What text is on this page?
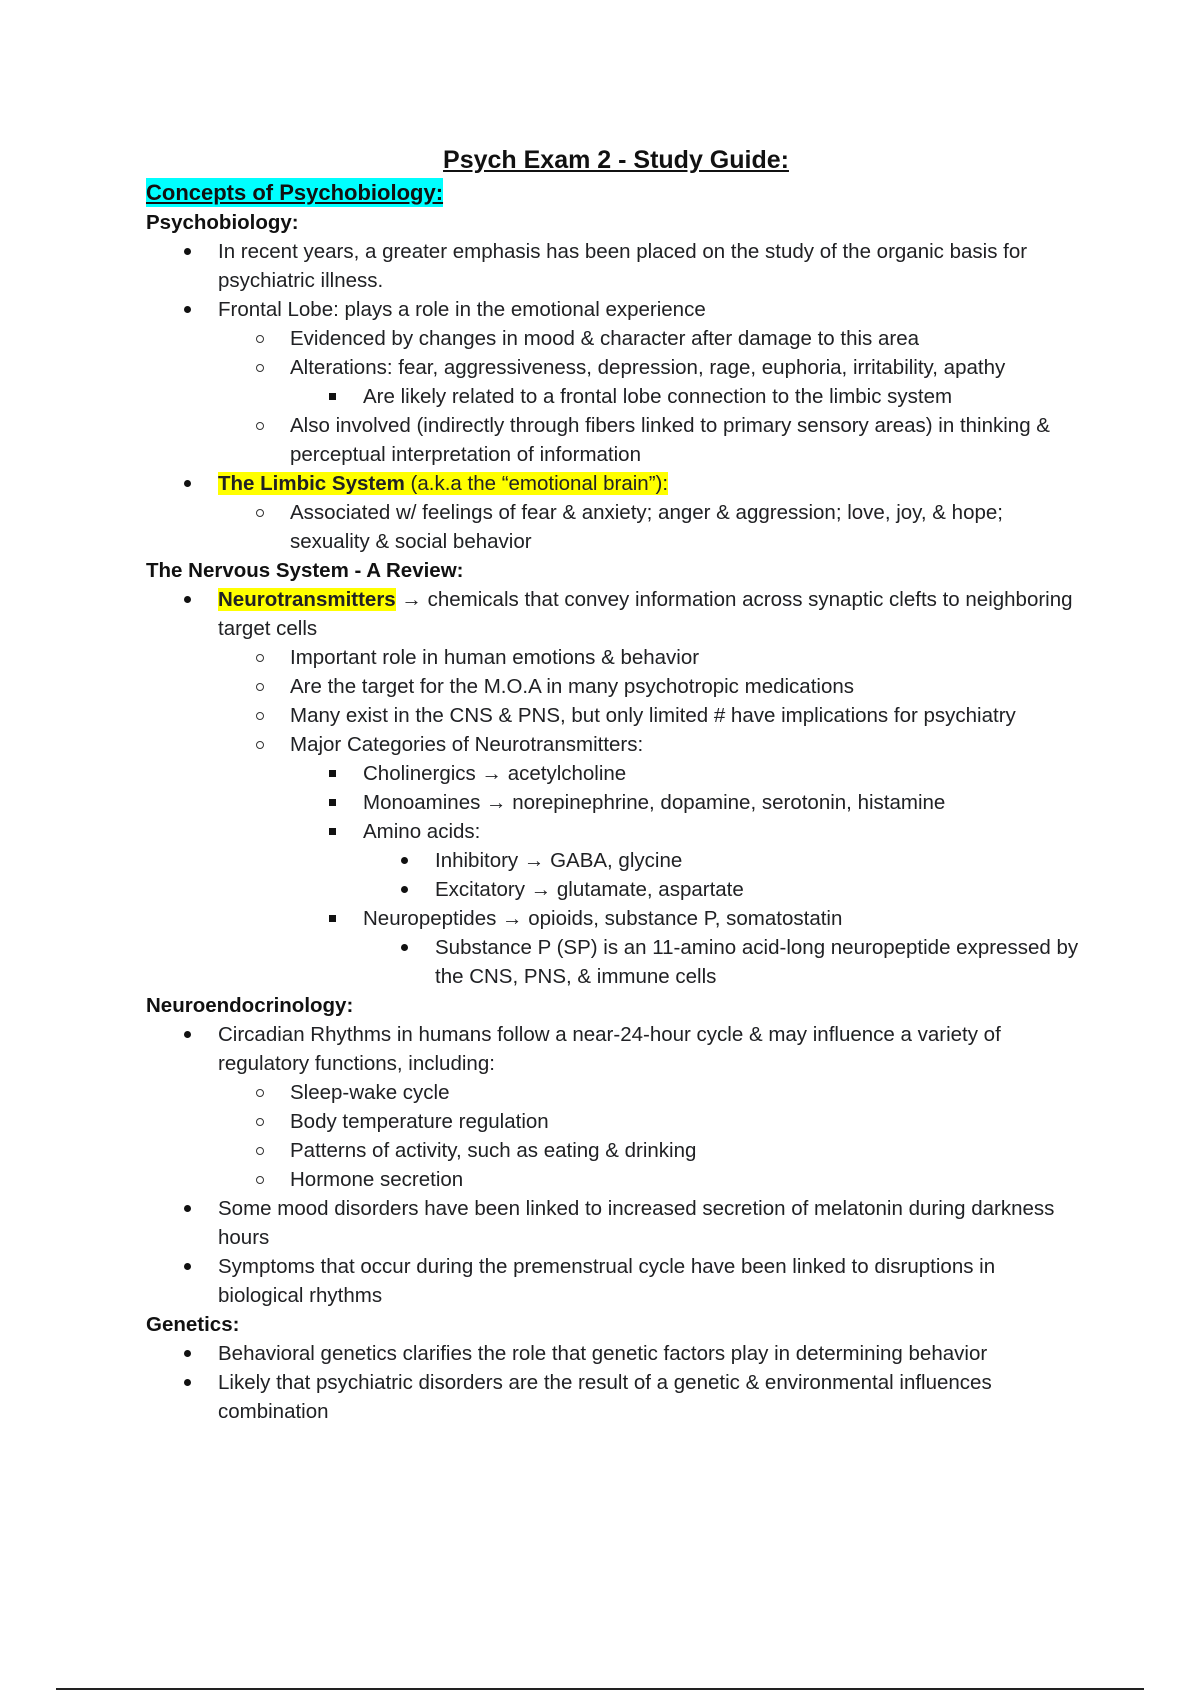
Psych Exam 2 - Study Guide:
Concepts of Psychobiology:
Psychobiology:
In recent years, a greater emphasis has been placed on the study of the organic basis for psychiatric illness.
Frontal Lobe: plays a role in the emotional experience
Evidenced by changes in mood & character after damage to this area
Alterations: fear, aggressiveness, depression, rage, euphoria, irritability, apathy
Are likely related to a frontal lobe connection to the limbic system
Also involved (indirectly through fibers linked to primary sensory areas) in thinking & perceptual interpretation of information
The Limbic System (a.k.a the “emotional brain”):
Associated w/ feelings of fear & anxiety; anger & aggression; love, joy, & hope; sexuality & social behavior
The Nervous System - A Review:
Neurotransmitters → chemicals that convey information across synaptic clefts to neighboring target cells
Important role in human emotions & behavior
Are the target for the M.O.A in many psychotropic medications
Many exist in the CNS & PNS, but only limited # have implications for psychiatry
Major Categories of Neurotransmitters:
Cholinergics → acetylcholine
Monoamines → norepinephrine, dopamine, serotonin, histamine
Amino acids:
Inhibitory → GABA, glycine
Excitatory → glutamate, aspartate
Neuropeptides → opioids, substance P, somatostatin
Substance P (SP) is an 11-amino acid-long neuropeptide expressed by the CNS, PNS, & immune cells
Neuroendocrinology:
Circadian Rhythms in humans follow a near-24-hour cycle & may influence a variety of regulatory functions, including:
Sleep-wake cycle
Body temperature regulation
Patterns of activity, such as eating & drinking
Hormone secretion
Some mood disorders have been linked to increased secretion of melatonin during darkness hours
Symptoms that occur during the premenstrual cycle have been linked to disruptions in biological rhythms
Genetics:
Behavioral genetics clarifies the role that genetic factors play in determining behavior
Likely that psychiatric disorders are the result of a genetic & environmental influences combination
